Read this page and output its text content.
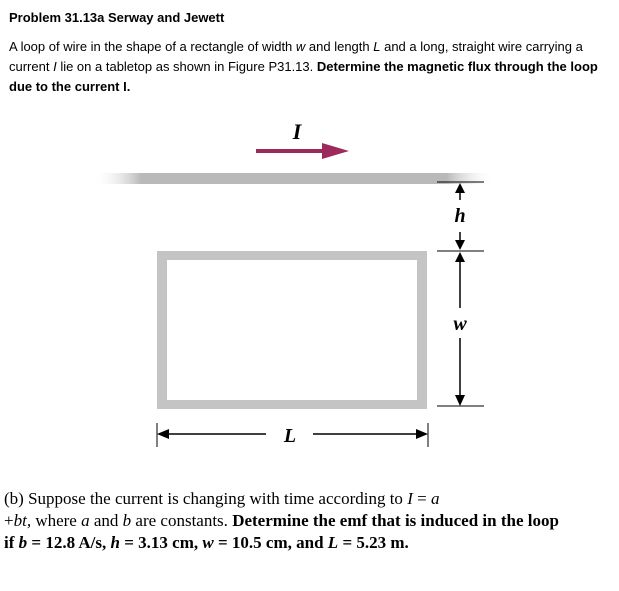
Problem 31.13a Serway and Jewett
A loop of wire in the shape of a rectangle of width w and length L and a long, straight wire carrying a current I lie on a tabletop as shown in Figure P31.13. Determine the magnetic flux through the loop due to the current I.
I
h
w
L
(b) Suppose the current is changing with time according to I = a
+bt, where a and b are constants. Determine the emf that is induced in the loop if b = 12.8 A/s, h = 3.13 cm, w = 10.5 cm, and L = 5.23 m.
